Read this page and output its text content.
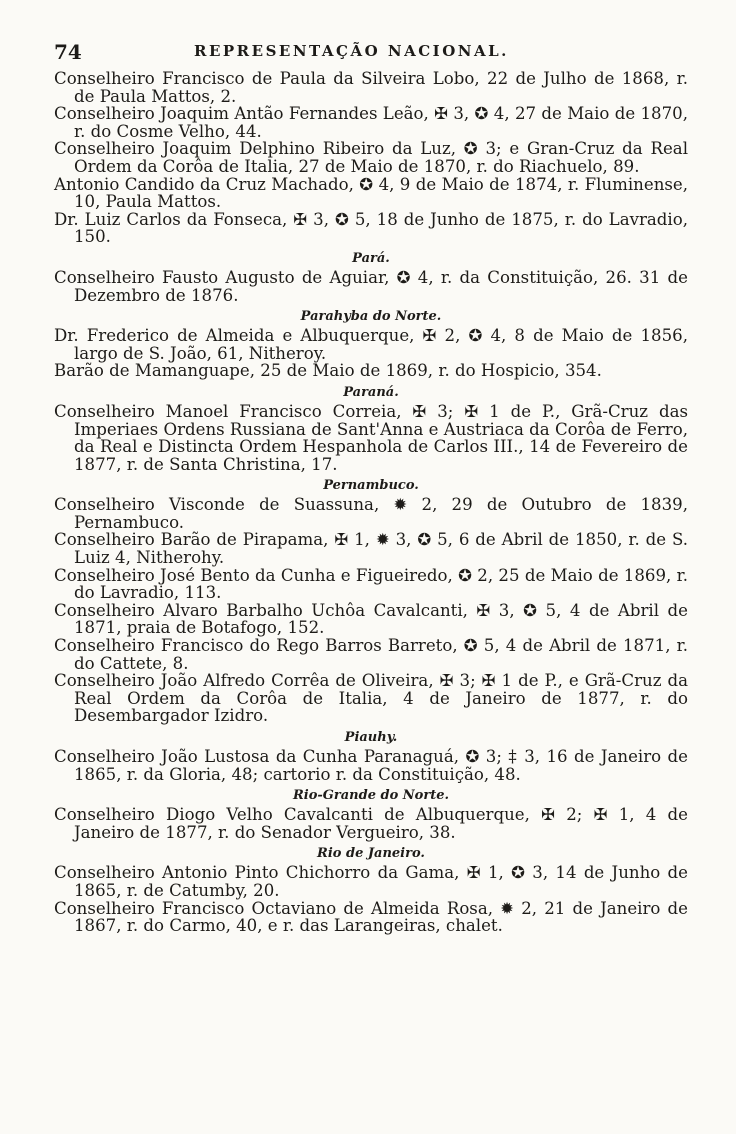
74	REPRESENTAÇÃO NACIONAL.

Conselheiro Francisco de Paula da Silveira Lobo, 22 de Julho de 1868, r. de Paula Mattos, 2.

Conselheiro Joaquim Antão Fernandes Leão, ✠ 3, ✪ 4, 27 de Maio de 1870, r. do Cosme Velho, 44.

Conselheiro Joaquim Delphino Ribeiro da Luz, ✪ 3; e Gran-Cruz da Real Ordem da Corôa de Italia, 27 de Maio de 1870, r. do Riachuelo, 89.

Antonio Candido da Cruz Machado, ✪ 4, 9 de Maio de 1874, r. Fluminense, 10, Paula Mattos.

Dr. Luiz Carlos da Fonseca, ✠ 3, ✪ 5, 18 de Junho de 1875, r. do Lavradio, 150.

Pará.

Conselheiro Fausto Augusto de Aguiar, ✪ 4, r. da Constituição, 26. 31 de Dezembro de 1876.

Parahyba do Norte.

Dr. Frederico de Almeida e Albuquerque, ✠ 2, ✪ 4, 8 de Maio de 1856, largo de S. João, 61, Nitheroy.

Barão de Mamanguape, 25 de Maio de 1869, r. do Hospicio, 354.

Paraná.

Conselheiro Manoel Francisco Correia, ✠ 3; ✠ 1 de P., Grã-Cruz das Imperiaes Ordens Russiana de Sant'Anna e Austriaca da Corôa de Ferro, da Real e Distincta Ordem Hespanhola de Carlos III., 14 de Fevereiro de 1877, r. de Santa Christina, 17.

Pernambuco.

Conselheiro Visconde de Suassuna, ✹ 2, 29 de Outubro de 1839, Pernambuco.

Conselheiro Barão de Pirapama, ✠ 1, ✹ 3, ✪ 5, 6 de Abril de 1850, r. de S. Luiz 4, Nitherohy.

Conselheiro José Bento da Cunha e Figueiredo, ✪ 2, 25 de Maio de 1869, r. do Lavradio, 113.

Conselheiro Alvaro Barbalho Uchôa Cavalcanti, ✠ 3, ✪ 5, 4 de Abril de 1871, praia de Botafogo, 152.

Conselheiro Francisco do Rego Barros Barreto, ✪ 5, 4 de Abril de 1871, r. do Cattete, 8.

Conselheiro João Alfredo Corrêa de Oliveira, ✠ 3; ✠ 1 de P., e Grã-Cruz da Real Ordem da Corôa de Italia, 4 de Janeiro de 1877, r. do Desembargador Izidro.

Piauhy.

Conselheiro João Lustosa da Cunha Paranaguá, ✪ 3; ‡ 3, 16 de Janeiro de 1865, r. da Gloria, 48; cartorio r. da Constituição, 48.

Rio-Grande do Norte.

Conselheiro Diogo Velho Cavalcanti de Albuquerque, ✠ 2; ✠ 1, 4 de Janeiro de 1877, r. do Senador Vergueiro, 38.

Rio de Janeiro.

Conselheiro Antonio Pinto Chichorro da Gama, ✠ 1, ✪ 3, 14 de Junho de 1865, r. de Catumby, 20.

Conselheiro Francisco Octaviano de Almeida Rosa, ✹ 2, 21 de Janeiro de 1867, r. do Carmo, 40, e r. das Larangeiras, chalet.
